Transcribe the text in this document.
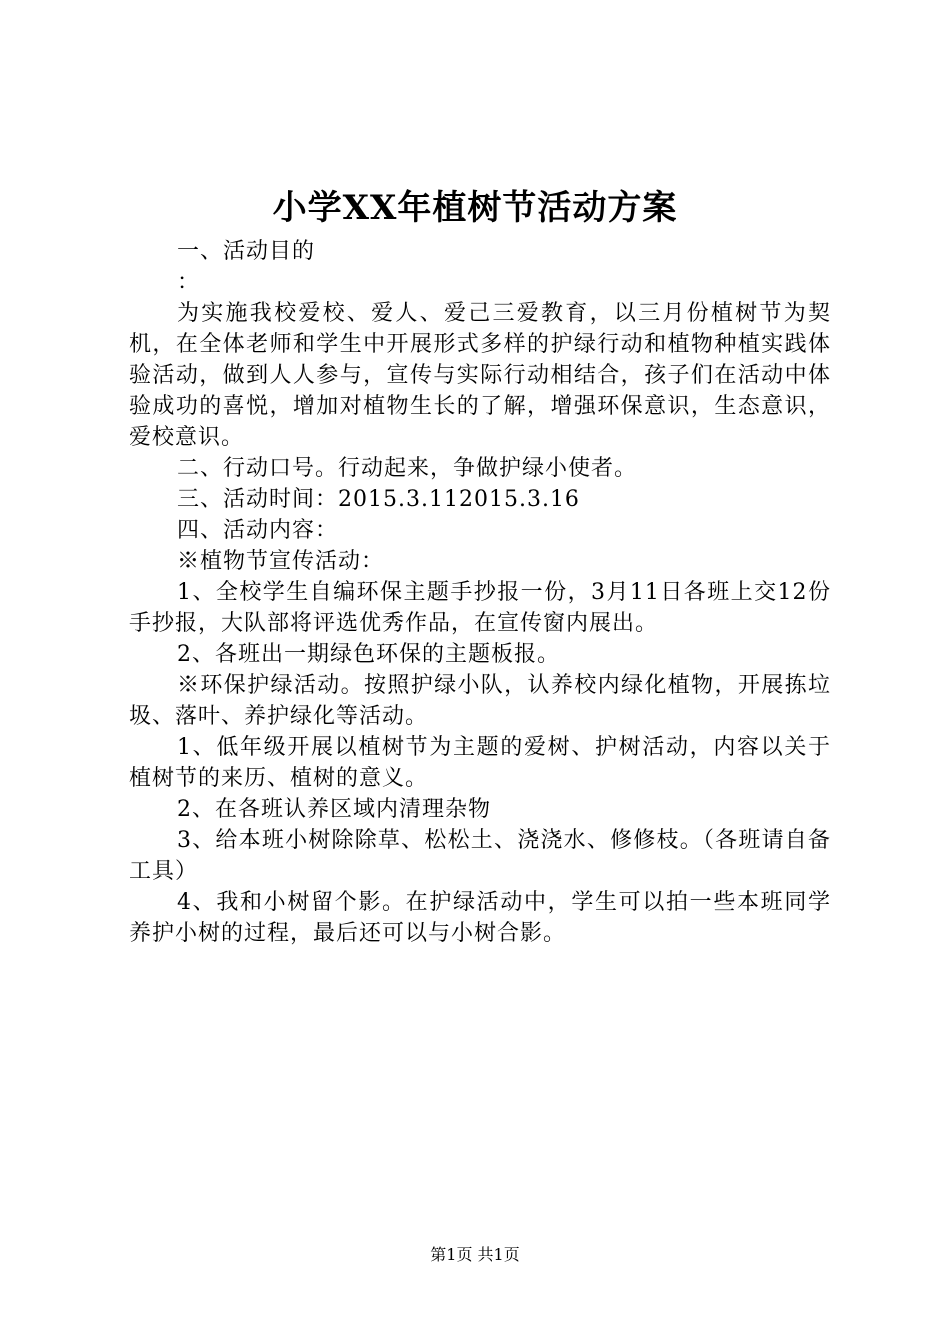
小学XX年植树节活动方案

一、活动目的

：

为实施我校爱校、爱人、爱己三爱教育，以三月份植树节为契机，在全体老师和学生中开展形式多样的护绿行动和植物种植实践体验活动，做到人人参与，宣传与实际行动相结合，孩子们在活动中体验成功的喜悦，增加对植物生长的了解，增强环保意识，生态意识，爱校意识。

二、行动口号。行动起来，争做护绿小使者。

三、活动时间：2015.3.112015.3.16

四、活动内容：

※植物节宣传活动：

1、全校学生自编环保主题手抄报一份，3月11日各班上交12份手抄报，大队部将评选优秀作品，在宣传窗内展出。

2、各班出一期绿色环保的主题板报。

※环保护绿活动。按照护绿小队，认养校内绿化植物，开展拣垃圾、落叶、养护绿化等活动。

1、低年级开展以植树节为主题的爱树、护树活动，内容以关于植树节的来历、植树的意义。

2、在各班认养区域内清理杂物

3、给本班小树除除草、松松土、浇浇水、修修枝。（各班请自备工具）

4、我和小树留个影。在护绿活动中，学生可以拍一些本班同学养护小树的过程，最后还可以与小树合影。

第1页 共1页
